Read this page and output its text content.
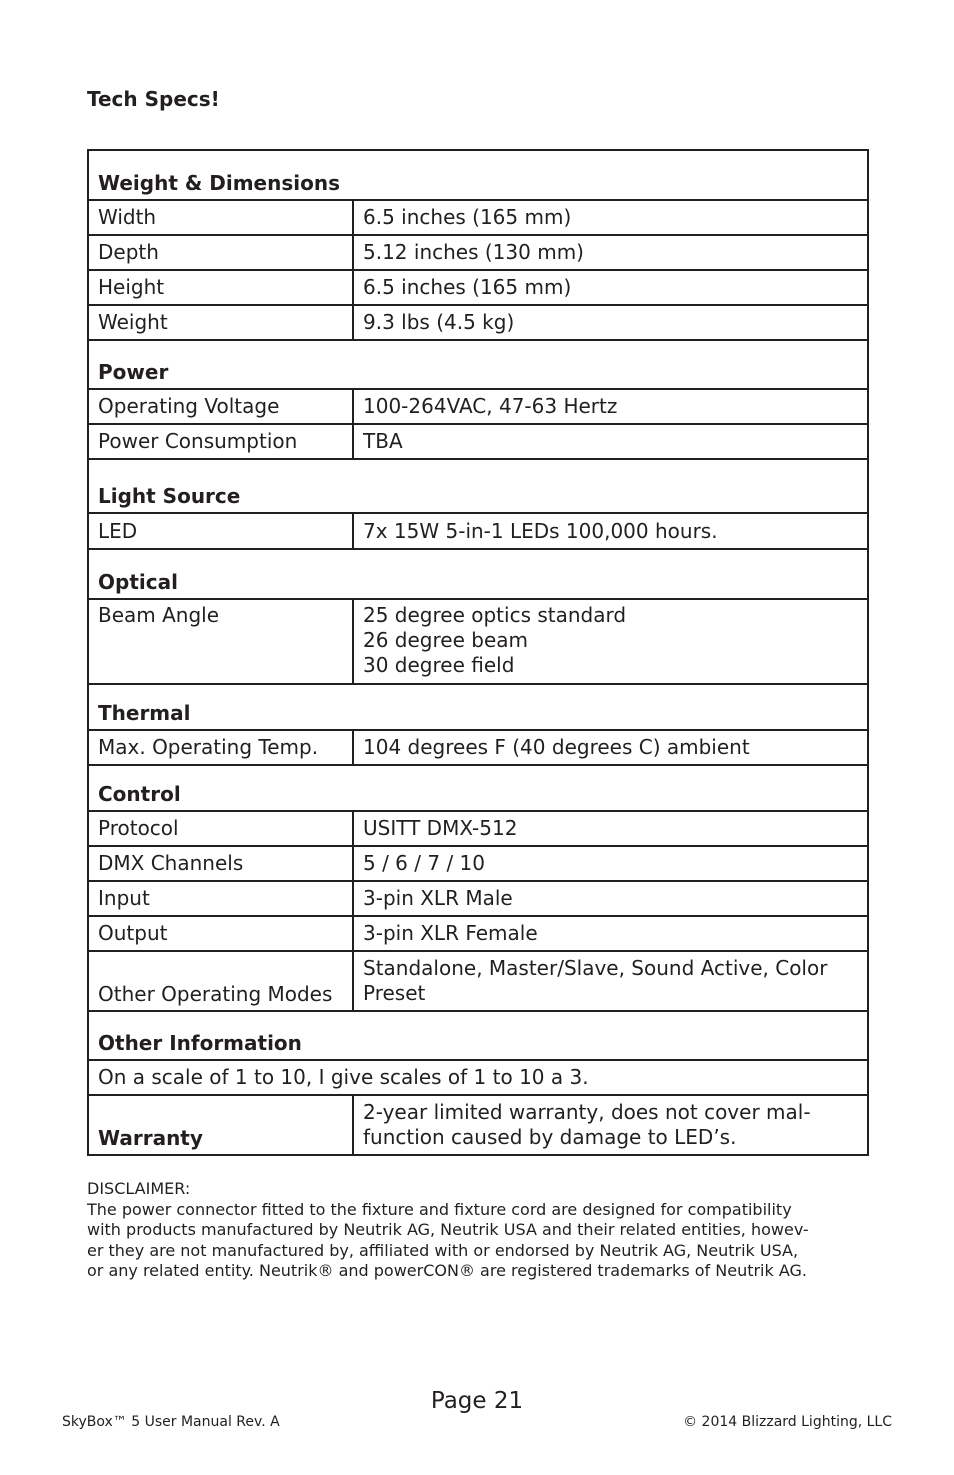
Tech Specs!
Weight & Dimensions	
Width	6.5 inches (165 mm)
Depth	5.12 inches (130 mm)
Height	6.5 inches (165 mm)
Weight	9.3 lbs (4.5 kg)
Power	
Operating Voltage	100-264VAC, 47-63 Hertz
Power Consumption	TBA
Light Source	
LED	7x 15W 5-in-1 LEDs 100,000 hours.
Optical	
Beam Angle	25 degree optics standard
26 degree beam
30 degree field

Thermal	
Max. Operating Temp.	104 degrees F (40 degrees C) ambient
Control	
Protocol	USITT DMX-512
DMX Channels	5 / 6 / 7 / 10
Input	3-pin XLR Male
Output	3-pin XLR Female
Other Operating Modes	Standalone, Master/Slave, Sound Active, Color
Preset

Other Information	
On a scale of 1 to 10, I give scales of 1 to 10 a 3.	
Warranty	2-year limited warranty, does not cover mal-
function caused by damage to LED’s.
DISCLAIMER:
The power connector fitted to the fixture and fixture cord are designed for compatibility
with products manufactured by Neutrik AG, Neutrik USA and their related entities, howev-
er they are not manufactured by, affiliated with or endorsed by Neutrik AG, Neutrik USA,
or any related entity. Neutrik® and powerCON® are registered trademarks of Neutrik AG.
Page 21
SkyBox™ 5 User Manual Rev. A	© 2014 Blizzard Lighting, LLC
